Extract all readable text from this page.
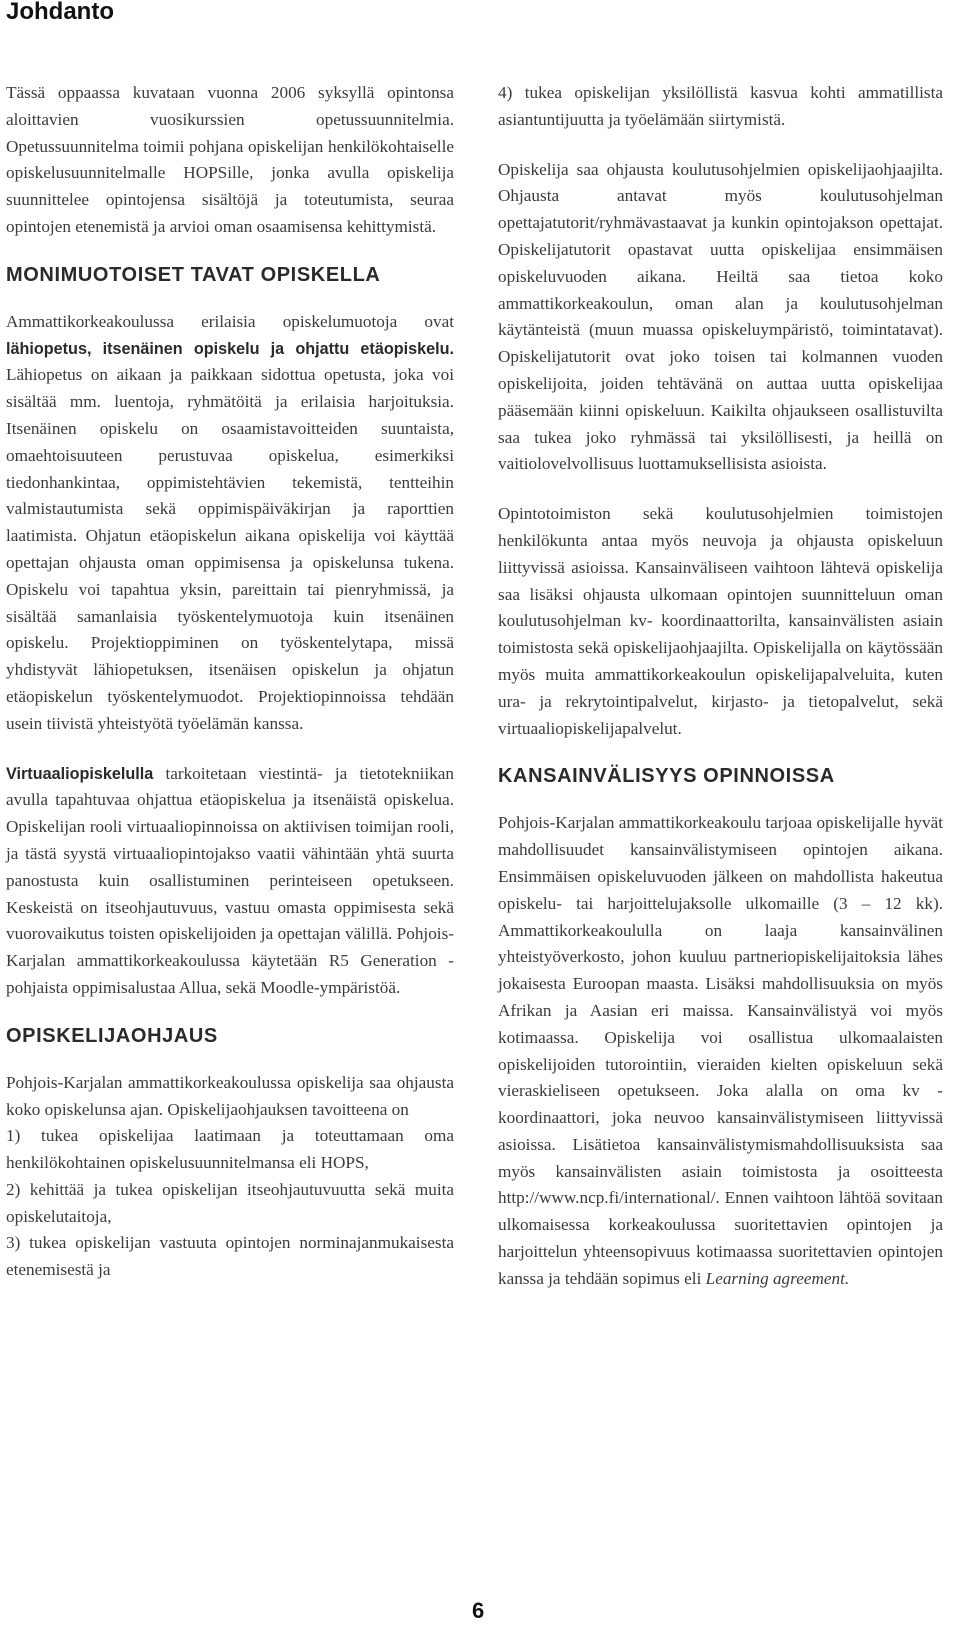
Johdanto

Tässä oppaassa kuvataan vuonna 2006 syksyllä opintonsa aloittavien vuosikurssien opetussuunnitelmia. Opetussuunnitelma toimii pohjana opiskelijan henkilökohtaiselle opiskelusuunnitelmalle HOPSille, jonka avulla opiskelija suunnittelee opintojensa sisältöjä ja toteutumista, seuraa opintojen etenemistä ja arvioi oman osaamisensa kehittymistä.

MONIMUOTOISET TAVAT OPISKELLA

Ammattikorkeakoulussa erilaisia opiskelumuotoja ovat lähiopetus, itsenäinen opiskelu ja ohjattu etäopiskelu. Lähiopetus on aikaan ja paikkaan sidottua opetusta, joka voi sisältää mm. luentoja, ryhmätöitä ja erilaisia harjoituksia. Itsenäinen opiskelu on osaamistavoitteiden suuntaista, omaehtoisuuteen perustuvaa opiskelua, esimerkiksi tiedonhankintaa, oppimistehtävien tekemistä, tentteihin valmistautumista sekä oppimispäiväkirjan ja raporttien laatimista. Ohjatun etäopiskelun aikana opiskelija voi käyttää opettajan ohjausta oman oppimisensa ja opiskelunsa tukena. Opiskelu voi tapahtua yksin, pareittain tai pienryhmissä, ja sisältää samanlaisia työskentelymuotoja kuin itsenäinen opiskelu. Projektioppiminen on työskentelytapa, missä yhdistyvät lähiopetuksen, itsenäisen opiskelun ja ohjatun etäopiskelun työskentelymuodot. Projektiopinnoissa tehdään usein tiivistä yhteistyötä työelämän kanssa.

Virtuaaliopiskelulla tarkoitetaan viestintä- ja tietotekniikan avulla tapahtuvaa ohjattua etäopiskelua ja itsenäistä opiskelua. Opiskelijan rooli virtuaaliopinnoissa on aktiivisen toimijan rooli, ja tästä syystä virtuaaliopintojakso vaatii vähintään yhtä suurta panostusta kuin osallistuminen perinteiseen opetukseen. Keskeistä on itseohjautuvuus, vastuu omasta oppimisesta sekä vuorovaikutus toisten opiskelijoiden ja opettajan välillä. Pohjois-Karjalan ammattikorkeakoulussa käytetään R5 Generation -pohjaista oppimisalustaa Allua, sekä Moodle-ympäristöä.

OPISKELIJAOHJAUS

Pohjois-Karjalan ammattikorkeakoulussa opiskelija saa ohjausta koko opiskelunsa ajan. Opiskelijaohjauksen tavoitteena on

1) tukea opiskelijaa laatimaan ja toteuttamaan oma henkilökohtainen opiskelusuunnitelmansa eli HOPS,

2) kehittää ja tukea opiskelijan itseohjautuvuutta sekä muita opiskelutaitoja,

3) tukea opiskelijan vastuuta opintojen norminajanmukaisesta etenemisestä ja

4) tukea opiskelijan yksilöllistä kasvua kohti ammatillista asiantuntijuutta ja työelämään siirtymistä.

Opiskelija saa ohjausta koulutusohjelmien opiskelijaohjaajilta. Ohjausta antavat myös koulutusohjelman opettajatutorit/ryhmävastaavat ja kunkin opintojakson opettajat. Opiskelijatutorit opastavat uutta opiskelijaa ensimmäisen opiskeluvuoden aikana. Heiltä saa tietoa koko ammattikorkeakoulun, oman alan ja koulutusohjelman käytänteistä (muun muassa opiskeluympäristö, toimintatavat). Opiskelijatutorit ovat joko toisen tai kolmannen vuoden opiskelijoita, joiden tehtävänä on auttaa uutta opiskelijaa pääsemään kiinni opiskeluun. Kaikilta ohjaukseen osallistuvilta saa tukea joko ryhmässä tai yksilöllisesti, ja heillä on vaitiolovelvollisuus luottamuksellisista asioista.

Opintotoimiston sekä koulutusohjelmien toimistojen henkilökunta antaa myös neuvoja ja ohjausta opiskeluun liittyvissä asioissa. Kansainväliseen vaihtoon lähtevä opiskelija saa lisäksi ohjausta ulkomaan opintojen suunnitteluun oman koulutusohjelman kv- koordinaattorilta, kansainvälisten asiain toimistosta sekä opiskelijaohjaajilta. Opiskelijalla on käytössään myös muita ammattikorkeakoulun opiskelijapalveluita, kuten ura- ja rekrytointipalvelut, kirjasto- ja tietopalvelut, sekä virtuaaliopiskelijapalvelut.

KANSAINVÄLISYYS OPINNOISSA

Pohjois-Karjalan ammattikorkeakoulu tarjoaa opiskelijalle hyvät mahdollisuudet kansainvälistymiseen opintojen aikana. Ensimmäisen opiskeluvuoden jälkeen on mahdollista hakeutua opiskelu- tai harjoittelujaksolle ulkomaille (3 – 12 kk). Ammattikorkeakoululla on laaja kansainvälinen yhteistyöverkosto, johon kuuluu partneriopiskelijaitoksia lähes jokaisesta Euroopan maasta. Lisäksi mahdollisuuksia on myös Afrikan ja Aasian eri maissa. Kansainvälistyä voi myös kotimaassa. Opiskelija voi osallistua ulkomaalaisten opiskelijoiden tutorointiin, vieraiden kielten opiskeluun sekä vieraskieliseen opetukseen. Joka alalla on oma kv -koordinaattori, joka neuvoo kansainvälistymiseen liittyvissä asioissa. Lisätietoa kansainvälistymismahdollisuuksista saa myös kansainvälisten asiain toimistosta ja osoitteesta http://www.ncp.fi/international/. Ennen vaihtoon lähtöä sovitaan ulkomaisessa korkeakoulussa suoritettavien opintojen ja harjoittelun yhteensopivuus kotimaassa suoritettavien opintojen kanssa ja tehdään sopimus eli Learning agreement.

6
